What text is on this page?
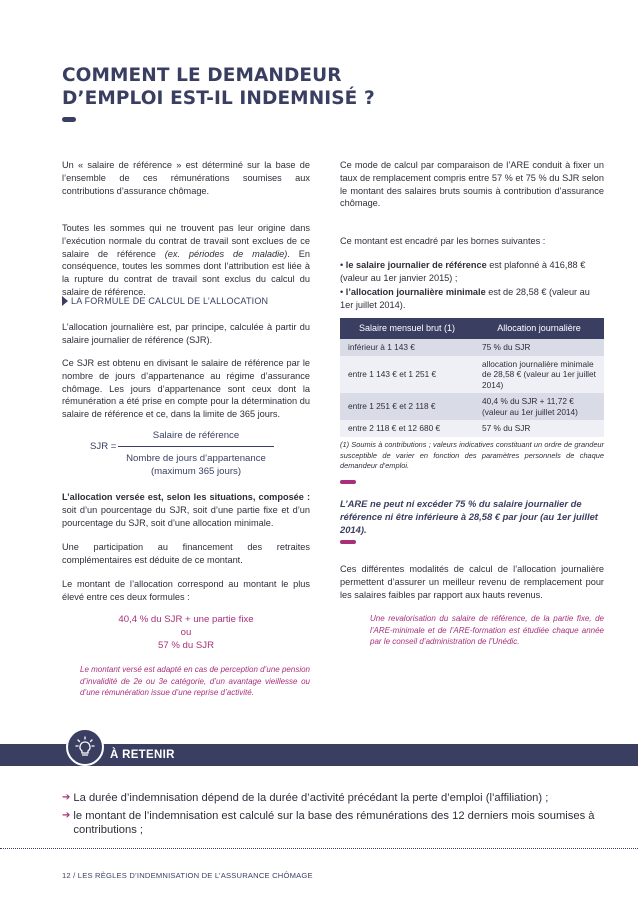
COMMENT LE DEMANDEUR
D’EMPLOI EST-IL INDEMNISÉ ?

Un « salaire de référence » est déterminé sur la base de l’ensemble de ces rémunérations soumises aux contributions d’assurance chômage.

Toutes les sommes qui ne trouvent pas leur origine dans l’exécution normale du contrat de travail sont exclues de ce salaire de référence (ex. périodes de maladie). En conséquence, toutes les sommes dont l’attribution est liée à la rupture du contrat de travail sont exclus du calcul du salaire de référence.

LA FORMULE DE CALCUL DE L’ALLOCATION

L’allocation journalière est, par principe, calculée à partir du salaire journalier de référence (SJR).

Ce SJR est obtenu en divisant le salaire de référence par le nombre de jours d’appartenance au régime d’assurance chômage. Les jours d’appartenance sont ceux dont la rémunération a été prise en compte pour la détermination du salaire de référence et ce, dans la limite de 365 jours.

Salaire de référence
SJR =
Nombre de jours d’appartenance
(maximum 365 jours)

L’allocation versée est, selon les situations, composée : soit d’un pourcentage du SJR, soit d’une partie fixe et d’un pourcentage du SJR, soit d’une allocation minimale.

Une participation au financement des retraites complémentaires est déduite de ce montant.

Le montant de l’allocation correspond au montant le plus élevé entre ces deux formules :

40,4 % du SJR + une partie fixe
ou
57 % du SJR

Le montant versé est adapté en cas de perception d’une pension d’invalidité de 2e ou 3e catégorie, d’un avantage vieillesse ou d’une rémunération issue d’une reprise d’activité.

Ce mode de calcul par comparaison de l’ARE conduit à fixer un taux de remplacement compris entre 57 % et 75 % du SJR selon le montant des salaires bruts soumis à contribution d’assurance chômage.

Ce montant est encadré par les bornes suivantes :

• le salaire journalier de référence est plafonné à 416,88 € (valeur au 1er janvier 2015) ;

• l’allocation journalière minimale est de 28,58 € (valeur au 1er juillet 2014).

Salaire mensuel brut (1)	Allocation journalière
inférieur à 1 143 €	75 % du SJR
entre 1 143 € et 1 251 €	allocation journalière minimale de 28,58 € (valeur au 1er juillet 2014)
entre 1 251 € et 2 118 €	40,4 % du SJR + 11,72 € (valeur au 1er juillet 2014)
entre 2 118 € et 12 680 €	57 % du SJR

(1) Soumis à contributions ; valeurs indicatives constituant un ordre de grandeur susceptible de varier en fonction des paramètres personnels de chaque demandeur d’emploi.

L’ARE ne peut ni excéder 75 % du salaire journalier de référence ni être inférieure à 28,58 € par jour (au 1er juillet 2014).

Ces différentes modalités de calcul de l’allocation journalière permettent d’assurer un meilleur revenu de remplacement pour les salaires faibles par rapport aux hauts revenus.

Une revalorisation du salaire de référence, de la partie fixe, de l’ARE-minimale et de l’ARE-formation est étudiée chaque année par le conseil d’administration de l’Unédic.

À RETENIR
➔ La durée d’indemnisation dépend de la durée d’activité précédant la perte d’emploi (l’affiliation) ;
➔ le montant de l’indemnisation est calculé sur la base des rémunérations des 12 derniers mois soumises à contributions ;
12 / LES RÈGLES D’INDEMNISATION DE L’ASSURANCE CHÔMAGE
